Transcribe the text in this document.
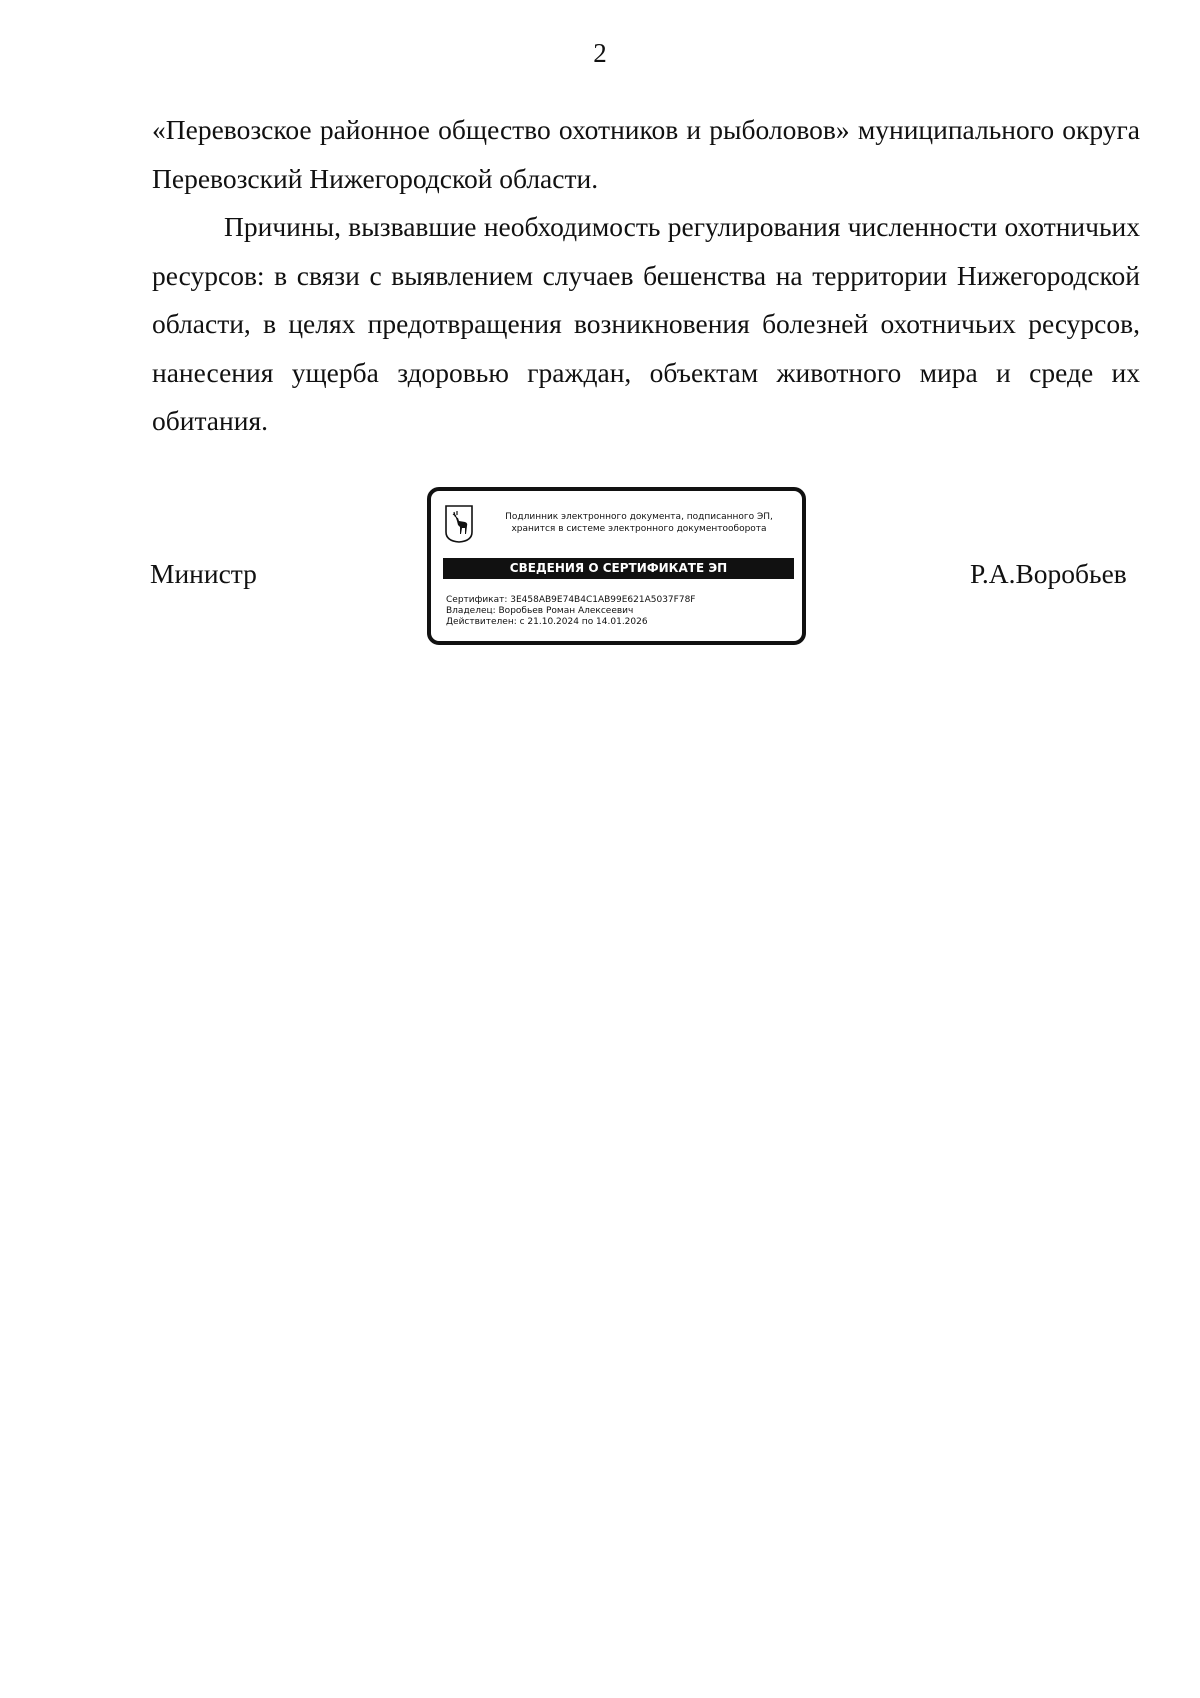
2

«Перевозское районное общество охотников и рыболовов» муниципального округа Перевозский Нижегородской области.

Причины, вызвавшие необходимость регулирования численности охотничьих ресурсов: в связи с выявлением случаев бешенства на территории Нижегородской области, в целях предотвращения возникновения болезней охотничьих ресурсов, нанесения ущерба здоровью граждан, объектам животного мира и среде их обитания.

Министр
Подлинник электронного документа, подписанного ЭП,
хранится в системе электронного документооборота
СВЕДЕНИЯ О СЕРТИФИКАТЕ ЭП
Сертификат: 3E458AB9E74B4C1AB99E621A5037F78F
Владелец: Воробьев Роман Алексеевич
Действителен: с 21.10.2024 по 14.01.2026
Р.А.Воробьев
